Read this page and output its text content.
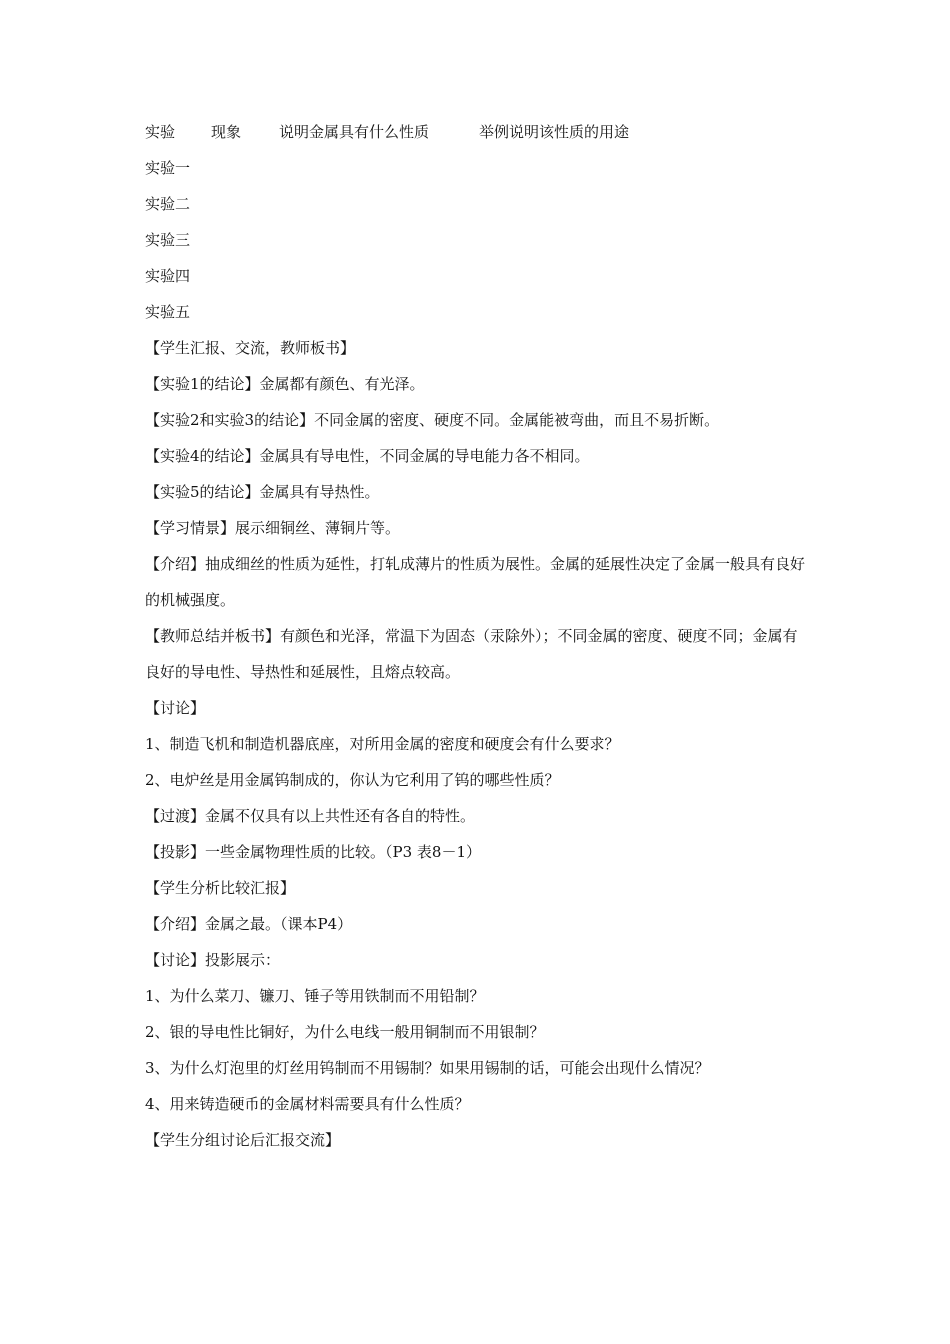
实验	现象	说明金属具有什么性质	举例说明该性质的用途
实验一
实验二
实验三
实验四
实验五
【学生汇报、交流，教师板书】
【实验1的结论】金属都有颜色、有光泽。
【实验2和实验3的结论】不同金属的密度、硬度不同。金属能被弯曲，而且不易折断。
【实验4的结论】金属具有导电性，不同金属的导电能力各不相同。
【实验5的结论】金属具有导热性。
【学习情景】展示细铜丝、薄铜片等。
【介绍】抽成细丝的性质为延性，打轧成薄片的性质为展性。金属的延展性决定了金属一般具有良好的机械强度。
【教师总结并板书】有颜色和光泽，常温下为固态（汞除外）；不同金属的密度、硬度不同；金属有良好的导电性、导热性和延展性，且熔点较高。
【讨论】
1、制造飞机和制造机器底座，对所用金属的密度和硬度会有什么要求？
2、电炉丝是用金属钨制成的，你认为它利用了钨的哪些性质？
【过渡】金属不仅具有以上共性还有各自的特性。
【投影】一些金属物理性质的比较。（P3 表8－1）
【学生分析比较汇报】
【介绍】金属之最。（课本P4）
【讨论】投影展示：
1、为什么菜刀、镰刀、锤子等用铁制而不用铅制？
2、银的导电性比铜好，为什么电线一般用铜制而不用银制？
3、为什么灯泡里的灯丝用钨制而不用锡制？如果用锡制的话，可能会出现什么情况？
4、用来铸造硬币的金属材料需要具有什么性质？
【学生分组讨论后汇报交流】
